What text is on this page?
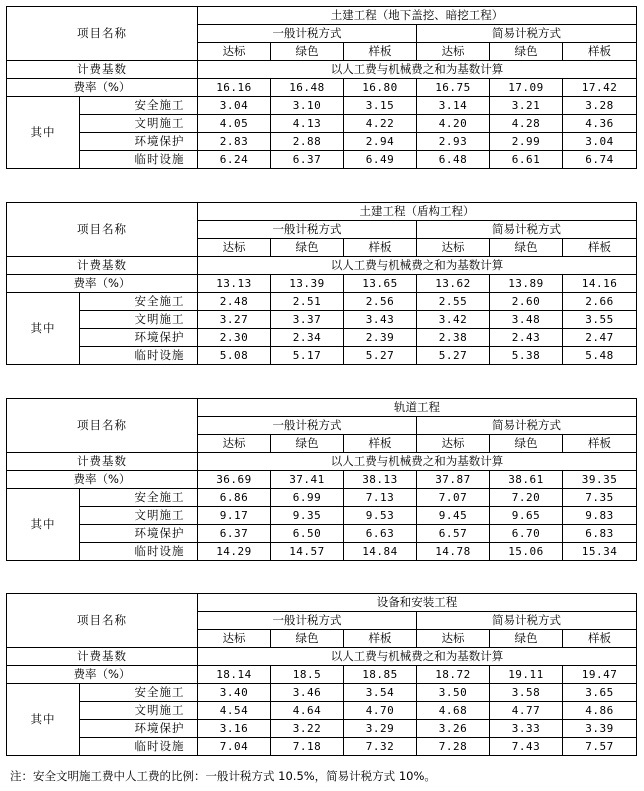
项目名称		土建工程（地下盖挖、暗挖工程）					
		一般计税方式			简易计税方式		
		达标	绿色	样板	达标	绿色	样板
计费基数		以人工费与机械费之和为基数计算					
费率（%）		16.16	16.48	16.80	16.75	17.09	17.42
其中	安全施工	3.04	3.10	3.15	3.14	3.21	3.28
	文明施工	4.05	4.13	4.22	4.20	4.28	4.36
	环境保护	2.83	2.88	2.94	2.93	2.99	3.04
	临时设施	6.24	6.37	6.49	6.48	6.61	6.74
项目名称		土建工程（盾构工程）					
		一般计税方式			简易计税方式		
		达标	绿色	样板	达标	绿色	样板
计费基数		以人工费与机械费之和为基数计算					
费率（%）		13.13	13.39	13.65	13.62	13.89	14.16
其中	安全施工	2.48	2.51	2.56	2.55	2.60	2.66
	文明施工	3.27	3.37	3.43	3.42	3.48	3.55
	环境保护	2.30	2.34	2.39	2.38	2.43	2.47
	临时设施	5.08	5.17	5.27	5.27	5.38	5.48
项目名称		轨道工程					
		一般计税方式			简易计税方式		
		达标	绿色	样板	达标	绿色	样板
计费基数		以人工费与机械费之和为基数计算					
费率（%）		36.69	37.41	38.13	37.87	38.61	39.35
其中	安全施工	6.86	6.99	7.13	7.07	7.20	7.35
	文明施工	9.17	9.35	9.53	9.45	9.65	9.83
	环境保护	6.37	6.50	6.63	6.57	6.70	6.83
	临时设施	14.29	14.57	14.84	14.78	15.06	15.34
项目名称		设备和安装工程					
		一般计税方式			简易计税方式		
		达标	绿色	样板	达标	绿色	样板
计费基数		以人工费与机械费之和为基数计算					
费率（%）		18.14	18.5	18.85	18.72	19.11	19.47
其中	安全施工	3.40	3.46	3.54	3.50	3.58	3.65
	文明施工	4.54	4.64	4.70	4.68	4.77	4.86
	环境保护	3.16	3.22	3.29	3.26	3.33	3.39
	临时设施	7.04	7.18	7.32	7.28	7.43	7.57
注：安全文明施工费中人工费的比例：一般计税方式 10.5%，简易计税方式 10%。
